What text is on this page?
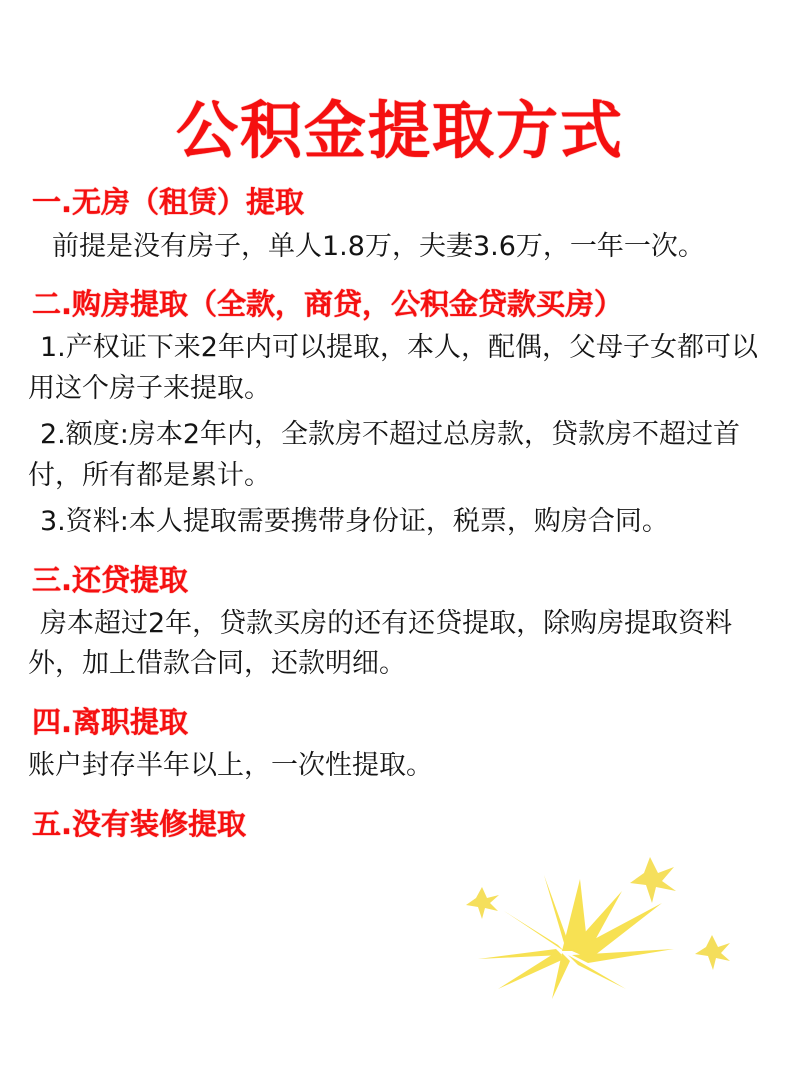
公积金提取方式
一.无房（租赁）提取

前提是没有房子，单人1.8万，夫妻3.6万，一年一次。

二.购房提取（全款，商贷，公积金贷款买房）

1.产权证下来2年内可以提取，本人，配偶，父母子女都可以用这个房子来提取。

2.额度:房本2年内，全款房不超过总房款，贷款房不超过首付，所有都是累计。

3.资料:本人提取需要携带身份证，税票，购房合同。

三.还贷提取

房本超过2年，贷款买房的还有还贷提取，除购房提取资料外，加上借款合同，还款明细。

四.离职提取

账户封存半年以上，一次性提取。

五.没有装修提取
